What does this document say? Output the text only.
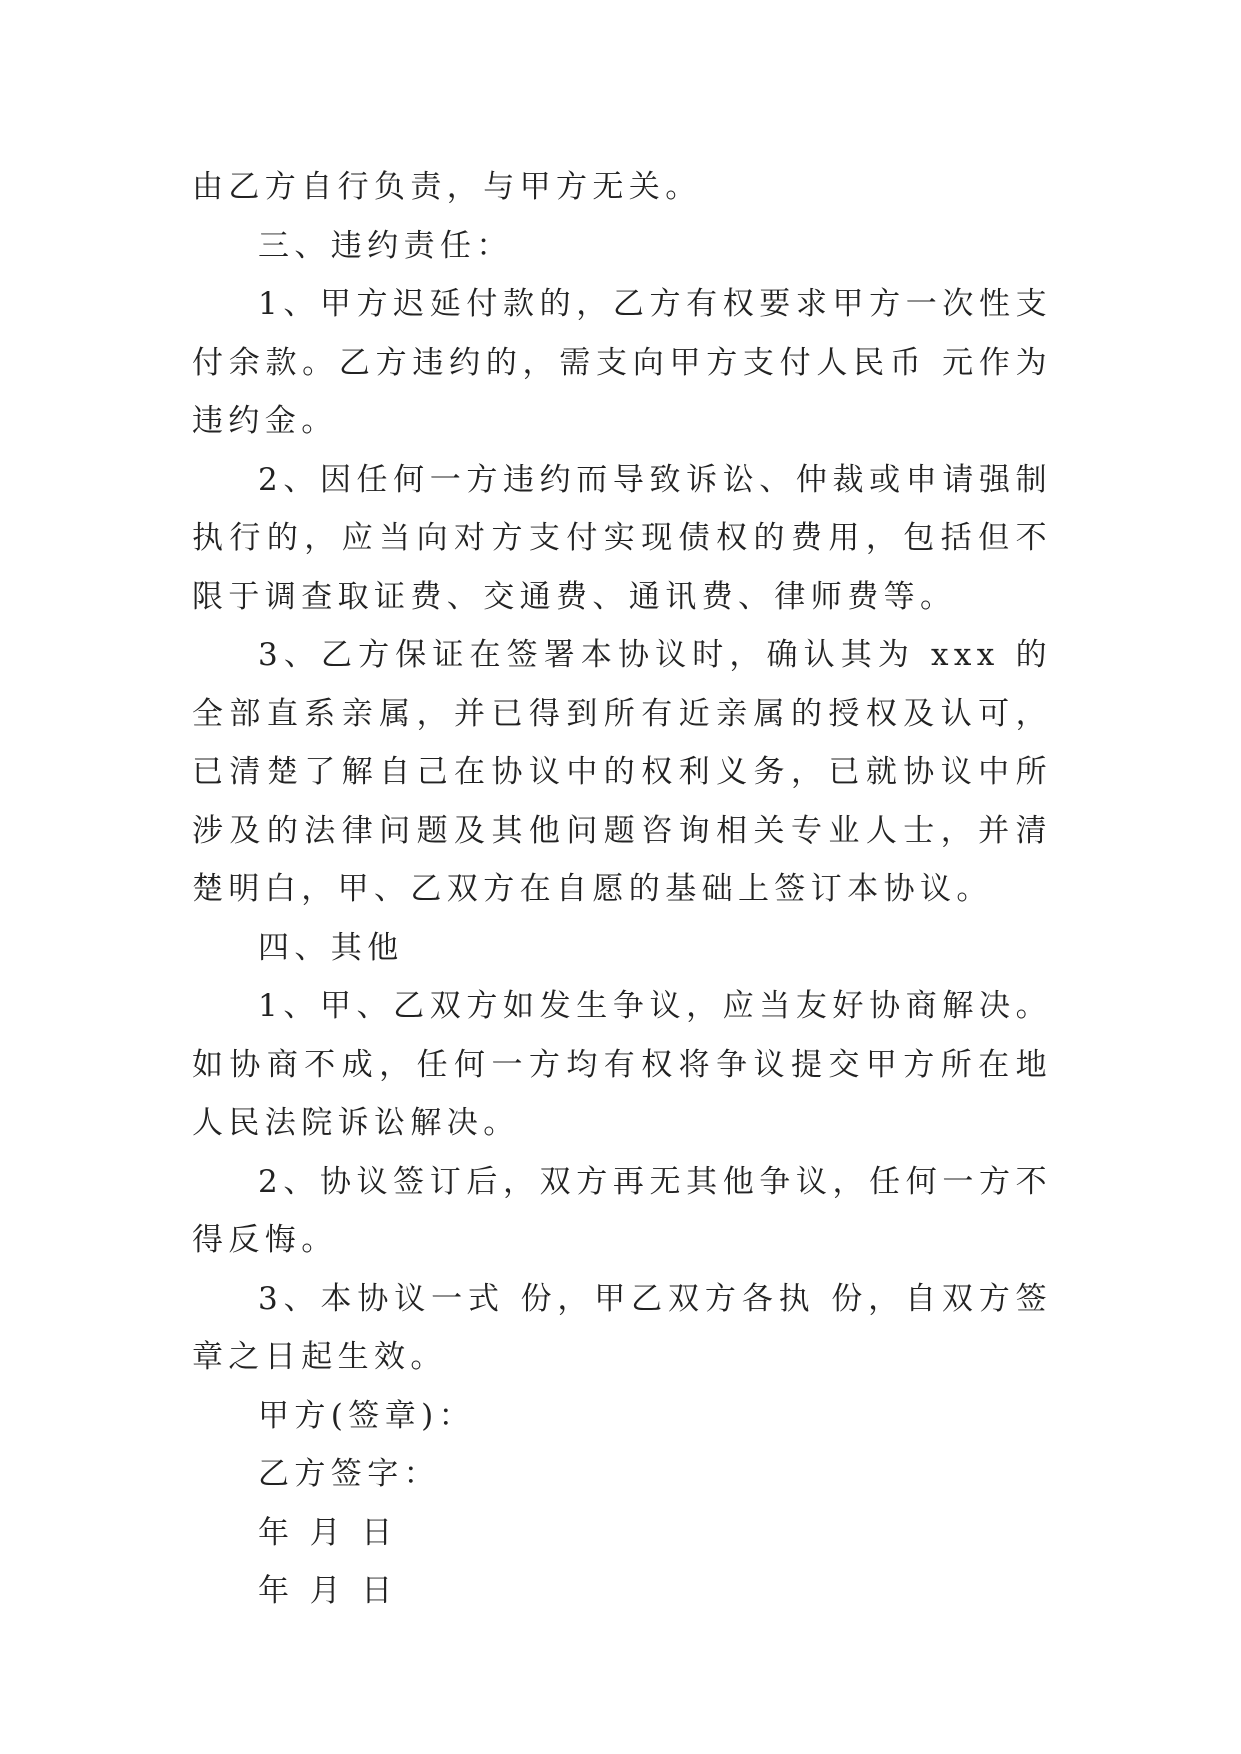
由乙方自行负责，与甲方无关。

三、违约责任：

1、甲方迟延付款的，乙方有权要求甲方一次性支付余款。乙方违约的，需支向甲方支付人民币 元作为违约金。

2、因任何一方违约而导致诉讼、仲裁或申请强制执行的，应当向对方支付实现债权的费用，包括但不限于调查取证费、交通费、通讯费、律师费等。

3、乙方保证在签署本协议时，确认其为 xxx 的全部直系亲属，并已得到所有近亲属的授权及认可，已清楚了解自己在协议中的权利义务，已就协议中所涉及的法律问题及其他问题咨询相关专业人士，并清楚明白，甲、乙双方在自愿的基础上签订本协议。

四、其他

1、甲、乙双方如发生争议，应当友好协商解决。如协商不成，任何一方均有权将争议提交甲方所在地人民法院诉讼解决。

2、协议签订后，双方再无其他争议，任何一方不得反悔。

3、本协议一式 份，甲乙双方各执 份，自双方签章之日起生效。

甲方(签章)：

乙方签字：

年 月 日

年 月 日
